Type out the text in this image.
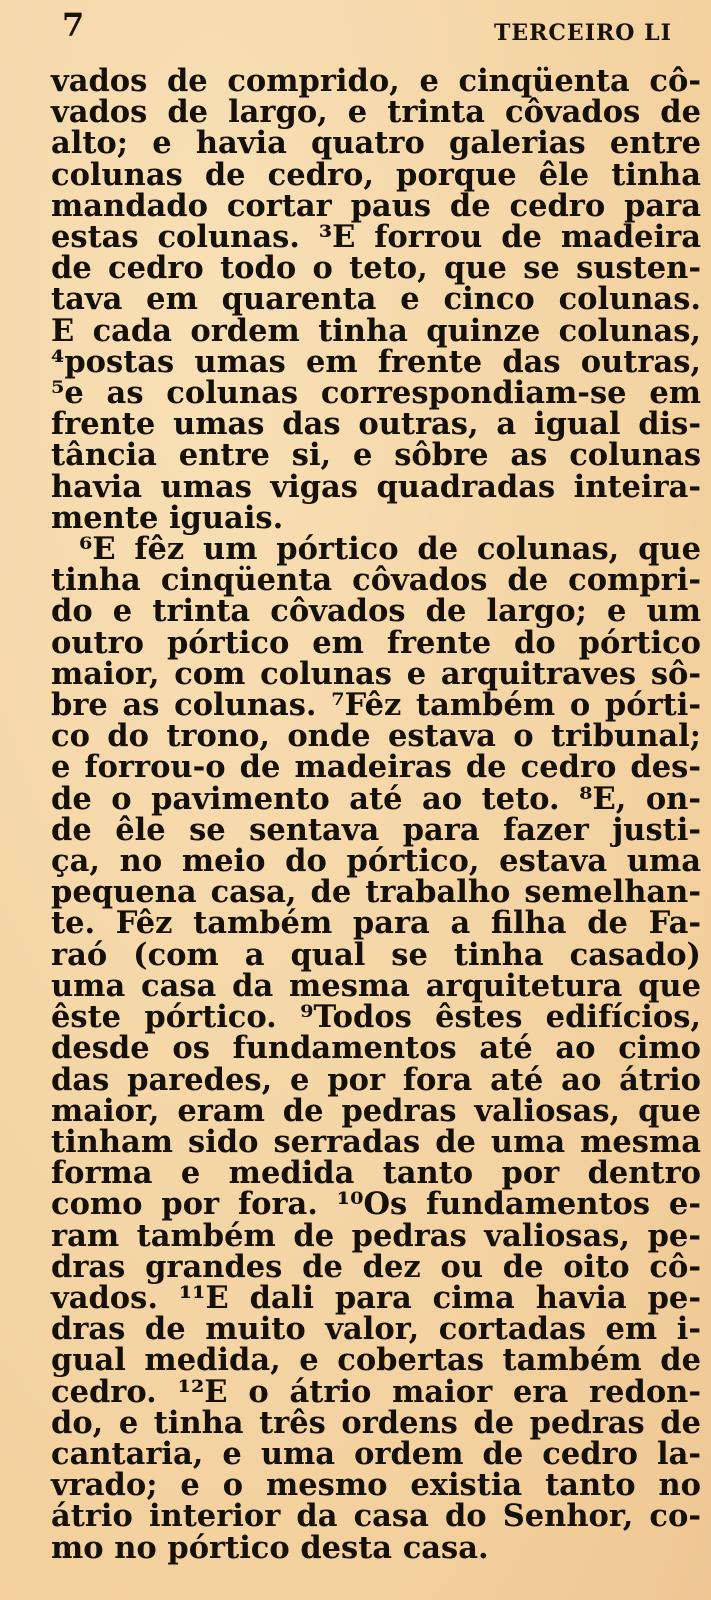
7	TERCEIRO LI
vados de comprido, e cinqüenta cô-
vados de largo, e trinta côvados de
alto; e havia quatro galerias entre
colunas de cedro, porque êle tinha
mandado cortar paus de cedro para
estas colunas. ³E forrou de madeira
de cedro todo o teto, que se susten-
tava em quarenta e cinco colunas.
E cada ordem tinha quinze colunas,
⁴postas umas em frente das outras,
⁵e as colunas correspondiam-se em
frente umas das outras, a igual dis-
tância entre si, e sôbre as colunas
havia umas vigas quadradas inteira-
mente iguais.
⁶E fêz um pórtico de colunas, que
tinha cinqüenta côvados de compri-
do e trinta côvados de largo; e um
outro pórtico em frente do pórtico
maior, com colunas e arquitraves sô-
bre as colunas. ⁷Fêz também o pórti-
co do trono, onde estava o tribunal;
e forrou-o de madeiras de cedro des-
de o pavimento até ao teto. ⁸E, on-
de êle se sentava para fazer justi-
ça, no meio do pórtico, estava uma
pequena casa, de trabalho semelhan-
te. Fêz também para a filha de Fa-
raó (com a qual se tinha casado)
uma casa da mesma arquitetura que
êste pórtico. ⁹Todos êstes edifícios,
desde os fundamentos até ao cimo
das paredes, e por fora até ao átrio
maior, eram de pedras valiosas, que
tinham sido serradas de uma mesma
forma e medida tanto por dentro
como por fora. ¹⁰Os fundamentos e-
ram também de pedras valiosas, pe-
dras grandes de dez ou de oito cô-
vados. ¹¹E dali para cima havia pe-
dras de muito valor, cortadas em i-
gual medida, e cobertas também de
cedro. ¹²E o átrio maior era redon-
do, e tinha três ordens de pedras de
cantaria, e uma ordem de cedro la-
vrado; e o mesmo existia tanto no
átrio interior da casa do Senhor, co-
mo no pórtico desta casa.
